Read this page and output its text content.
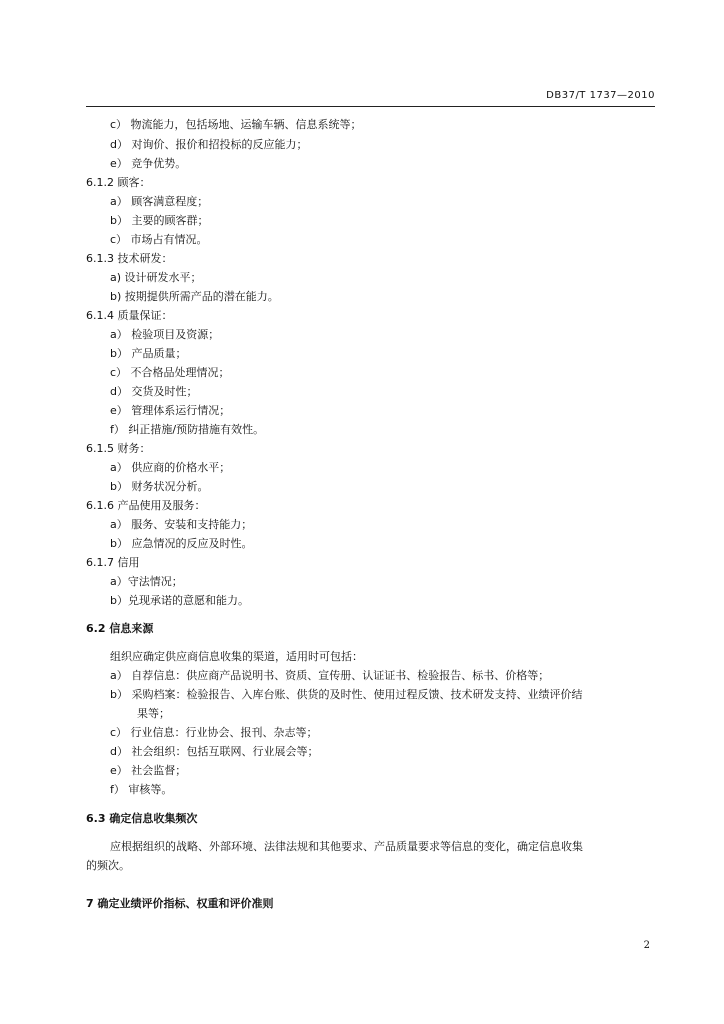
DB37/T 1737—2010
c） 物流能力，包括场地、运输车辆、信息系统等；
d） 对询价、报价和招投标的反应能力；
e） 竞争优势。
6.1.2 顾客：
a） 顾客满意程度；
b） 主要的顾客群；
c） 市场占有情况。
6.1.3 技术研发：
a) 设计研发水平；
b) 按期提供所需产品的潜在能力。
6.1.4 质量保证：
a） 检验项目及资源；
b） 产品质量；
c） 不合格品处理情况；
d） 交货及时性；
e） 管理体系运行情况；
f） 纠正措施/预防措施有效性。
6.1.5 财务：
a） 供应商的价格水平；
b） 财务状况分析。
6.1.6 产品使用及服务：
a） 服务、安装和支持能力；
b） 应急情况的反应及时性。
6.1.7 信用
a）守法情况；
b）兑现承诺的意愿和能力。
6.2 信息来源
组织应确定供应商信息收集的渠道，适用时可包括：
a） 自荐信息：供应商产品说明书、资质、宣传册、认证证书、检验报告、标书、价格等；
b） 采购档案：检验报告、入库台账、供货的及时性、使用过程反馈、技术研发支持、业绩评价结
果等；
c） 行业信息：行业协会、报刊、杂志等；
d） 社会组织：包括互联网、行业展会等；
e） 社会监督；
f） 审核等。
6.3 确定信息收集频次
应根据组织的战略、外部环境、法律法规和其他要求、产品质量要求等信息的变化，确定信息收集
的频次。
7 确定业绩评价指标、权重和评价准则
2
